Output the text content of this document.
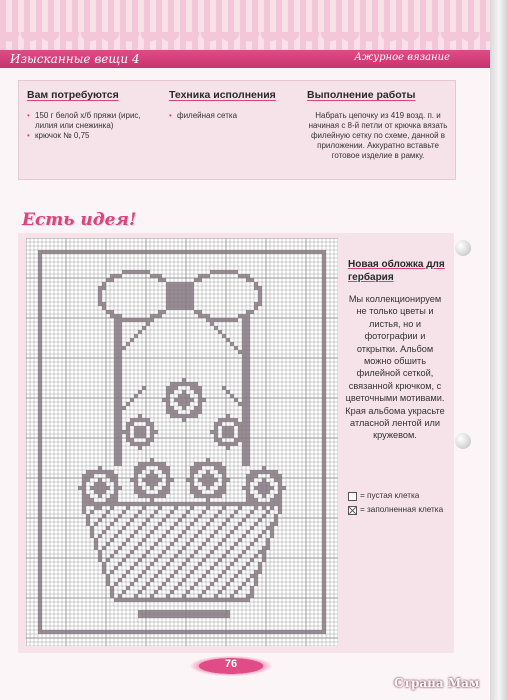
Изысканные вещи 4	Ажурное вязание
Вам потребуются
• 150 г белой х/б пряжи (ирис, лилия или снежинка)
• крючок № 0,75
Техника исполнения
• филейная сетка
Выполнение работы

Набрать цепочку из 419 возд. п. и начиная с 8-й петли от крючка вязать филейную сетку по схеме, данной в приложении. Аккуратно вставьте готовое изделие в рамку.

Есть идея!
Новая обложка для гербария
Мы коллекционируем не только цветы и листья, но и фотографии и открытки. Альбом можно обшить филейной сеткой, связанной крючком, с цветочными мотивами. Края альбома украсьте атласной лентой или кружевом.
= пустая клетка
= заполненная клетка
76
Страна Мам
